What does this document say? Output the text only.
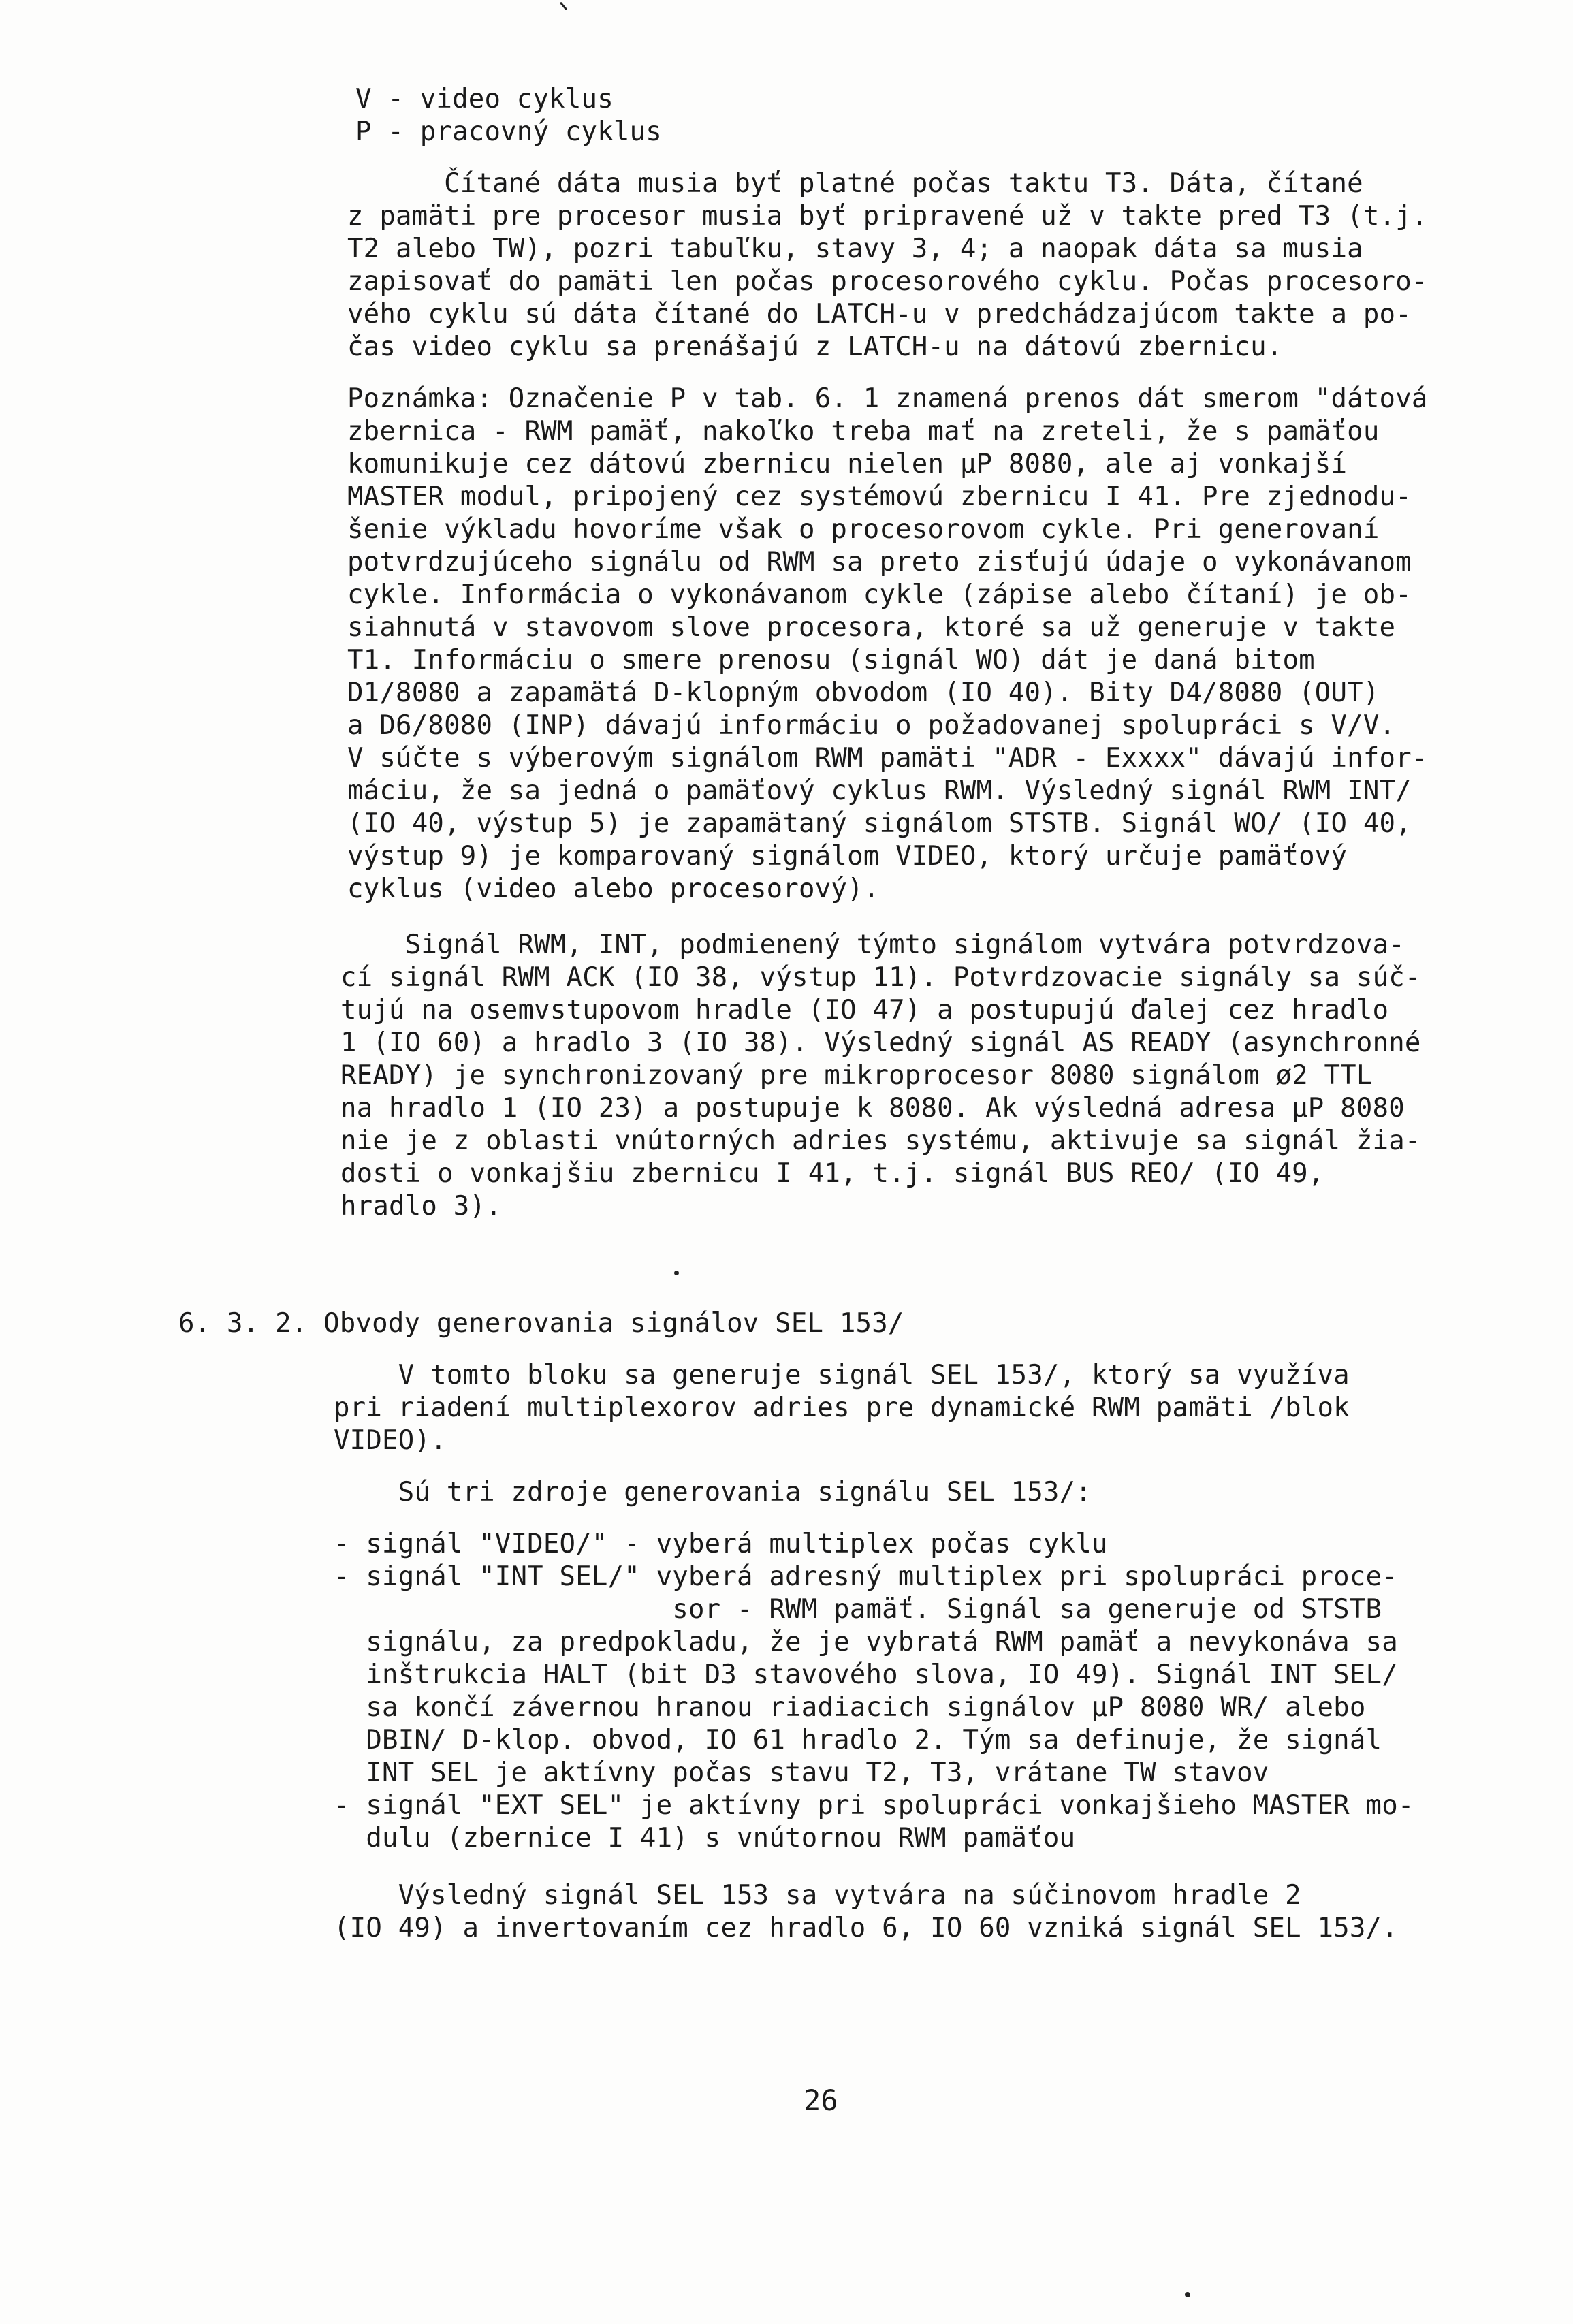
V - video cyklus
P - pracovný cyklus
Čítané dáta musia byť platné počas taktu T3. Dáta, čítané
z pamäti pre procesor musia byť pripravené už v takte pred T3 (t.j.
T2 alebo TW), pozri tabuľku, stavy 3, 4; a naopak dáta sa musia
zapisovať do pamäti len počas procesorového cyklu. Počas procesoro-
vého cyklu sú dáta čítané do LATCH-u v predchádzajúcom takte a po-
čas video cyklu sa prenášajú z LATCH-u na dátovú zbernicu.
Poznámka: Označenie P v tab. 6. 1 znamená prenos dát smerom "dátová
zbernica - RWM pamäť, nakoľko treba mať na zreteli, že s pamäťou
komunikuje cez dátovú zbernicu nielen µP 8080, ale aj vonkajší
MASTER modul, pripojený cez systémovú zbernicu I 41. Pre zjednodu-
šenie výkladu hovoríme však o procesorovom cykle. Pri generovaní
potvrdzujúceho signálu od RWM sa preto zisťujú údaje o vykonávanom
cykle. Informácia o vykonávanom cykle (zápise alebo čítaní) je ob-
siahnutá v stavovom slove procesora, ktoré sa už generuje v takte
T1. Informáciu o smere prenosu (signál WO) dát je daná bitom
D1/8080 a zapamätá D-klopným obvodom (IO 40). Bity D4/8080 (OUT)
a D6/8080 (INP) dávajú informáciu o požadovanej spolupráci s V/V.
V súčte s výberovým signálom RWM pamäti "ADR - Exxxx" dávajú infor-
máciu, že sa jedná o pamäťový cyklus RWM. Výsledný signál RWM INT/
(IO 40, výstup 5) je zapamätaný signálom STSTB. Signál WO/ (IO 40,
výstup 9) je komparovaný signálom VIDEO, ktorý určuje pamäťový
cyklus (video alebo procesorový).
Signál RWM, INT, podmienený týmto signálom vytvára potvrdzova-
cí signál RWM ACK (IO 38, výstup 11). Potvrdzovacie signály sa súč-
tujú na osemvstupovom hradle (IO 47) a postupujú ďalej cez hradlo
1 (IO 60) a hradlo 3 (IO 38). Výsledný signál AS READY (asynchronné
READY) je synchronizovaný pre mikroprocesor 8080 signálom ø2 TTL
na hradlo 1 (IO 23) a postupuje k 8080. Ak výsledná adresa µP 8080
nie je z oblasti vnútorných adries systému, aktivuje sa signál žia-
dosti o vonkajšiu zbernicu I 41, t.j. signál BUS REO/ (IO 49,
hradlo 3).
6. 3. 2. Obvody generovania signálov SEL 153/
V tomto bloku sa generuje signál SEL 153/, ktorý sa využíva
pri riadení multiplexorov adries pre dynamické RWM pamäti /blok
VIDEO).
Sú tri zdroje generovania signálu SEL 153/:
- signál "VIDEO/" - vyberá multiplex počas cyklu
- signál "INT SEL/" vyberá adresný multiplex pri spolupráci proce-
sor - RWM pamäť. Signál sa generuje od STSTB
signálu, za predpokladu, že je vybratá RWM pamäť a nevykonáva sa
inštrukcia HALT (bit D3 stavového slova, IO 49). Signál INT SEL/
sa končí závernou hranou riadiacich signálov µP 8080 WR/ alebo
DBIN/ D-klop. obvod, IO 61 hradlo 2. Tým sa definuje, že signál
INT SEL je aktívny počas stavu T2, T3, vrátane TW stavov
- signál "EXT SEL" je aktívny pri spolupráci vonkajšieho MASTER mo-
dulu (zbernice I 41) s vnútornou RWM pamäťou
Výsledný signál SEL 153 sa vytvára na súčinovom hradle 2
(IO 49) a invertovaním cez hradlo 6, IO 60 vzniká signál SEL 153/.
26
